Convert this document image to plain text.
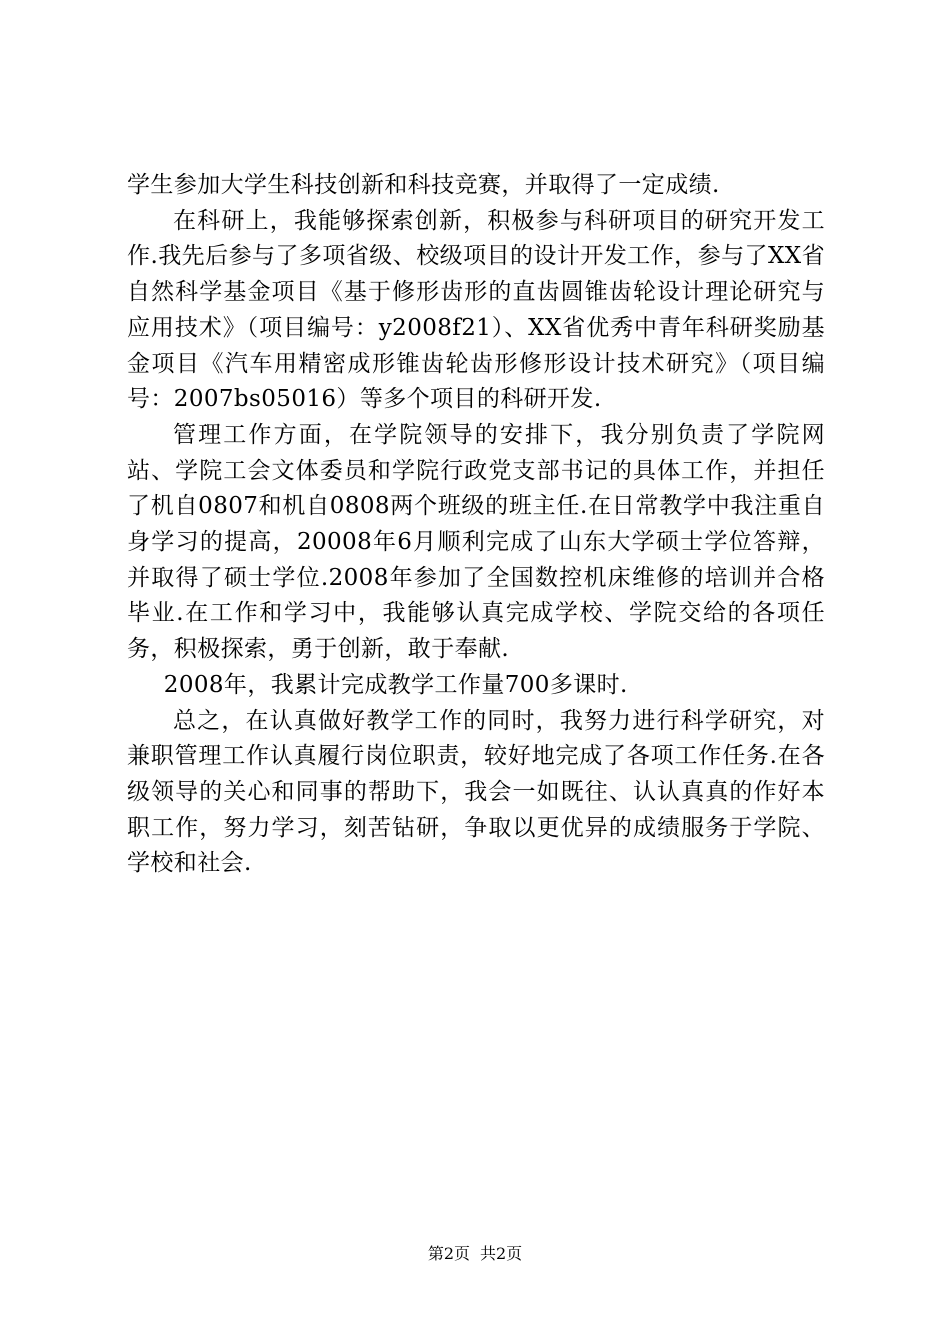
学生参加大学生科技创新和科技竞赛，并取得了一定成绩.

在科研上，我能够探索创新，积极参与科研项目的研究开发工作.我先后参与了多项省级、校级项目的设计开发工作，参与了XX省自然科学基金项目《基于修形齿形的直齿圆锥齿轮设计理论研究与应用技术》（项目编号：y2008f21）、XX省优秀中青年科研奖励基金项目《汽车用精密成形锥齿轮齿形修形设计技术研究》（项目编号：2007bs05016）等多个项目的科研开发.

管理工作方面，在学院领导的安排下，我分别负责了学院网站、学院工会文体委员和学院行政党支部书记的具体工作，并担任了机自0807和机自0808两个班级的班主任.在日常教学中我注重自身学习的提高，20008年6月顺利完成了山东大学硕士学位答辩，并取得了硕士学位.2008年参加了全国数控机床维修的培训并合格毕业.在工作和学习中，我能够认真完成学校、学院交给的各项任务，积极探索，勇于创新，敢于奉献.

2008年，我累计完成教学工作量700多课时.

总之，在认真做好教学工作的同时，我努力进行科学研究，对兼职管理工作认真履行岗位职责，较好地完成了各项工作任务.在各级领导的关心和同事的帮助下，我会一如既往、认认真真的作好本职工作，努力学习，刻苦钻研，争取以更优异的成绩服务于学院、学校和社会.

第2页 共2页
